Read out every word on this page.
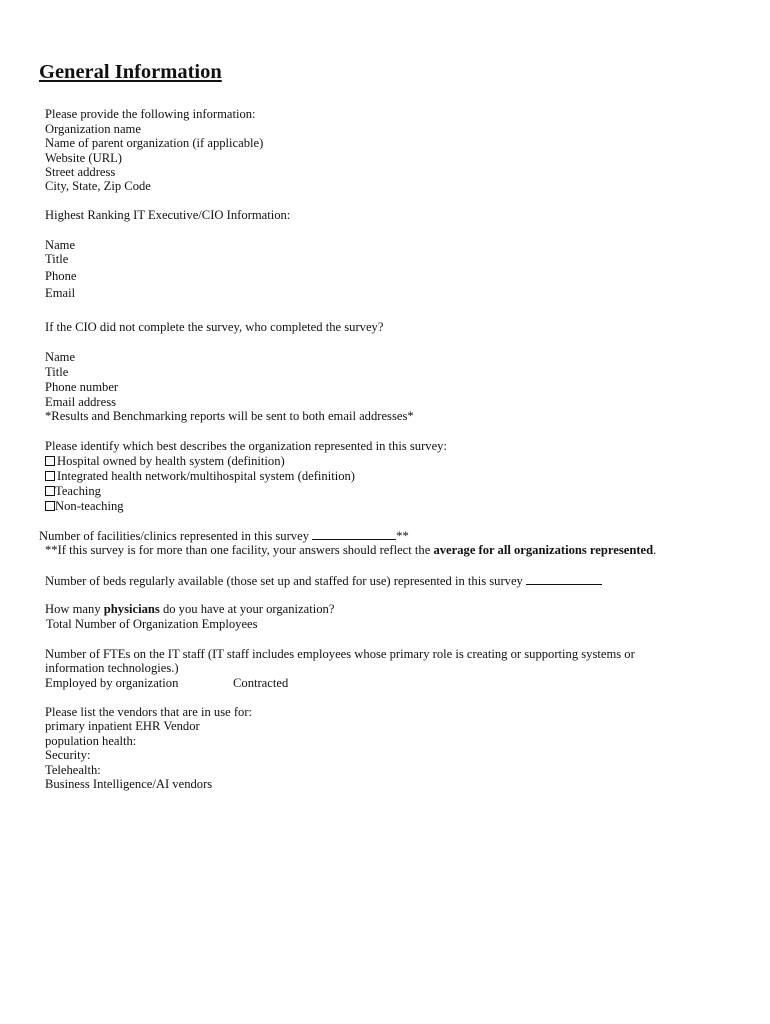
General Information
Please provide the following information:
Organization name
Name of parent organization (if applicable)
Website (URL)
Street address
City, State, Zip Code
Highest Ranking IT Executive/CIO Information:
Name
Title
Phone
Email
If the CIO did not complete the survey, who completed the survey?
Name
Title
Phone number
Email address
*Results and Benchmarking reports will be sent to both email addresses*
Please identify which best describes the organization represented in this survey:
Hospital owned by health system (definition)
Integrated health network/multihospital system (definition)
Teaching
Non-teaching
Number of facilities/clinics represented in this survey	**
**If this survey is for more than one facility, your answers should reflect the average for all organizations represented.
Number of beds regularly available (those set up and staffed for use) represented in this survey
How many physicians do you have at your organization?
Total Number of Organization Employees
Number of FTEs on the IT staff (IT staff includes employees whose primary role is creating or supporting systems or
information technologies.)
Employed by organization	Contracted
Please list the vendors that are in use for:
primary inpatient EHR Vendor
population health:
Security:
Telehealth:
Business Intelligence/AI vendors
